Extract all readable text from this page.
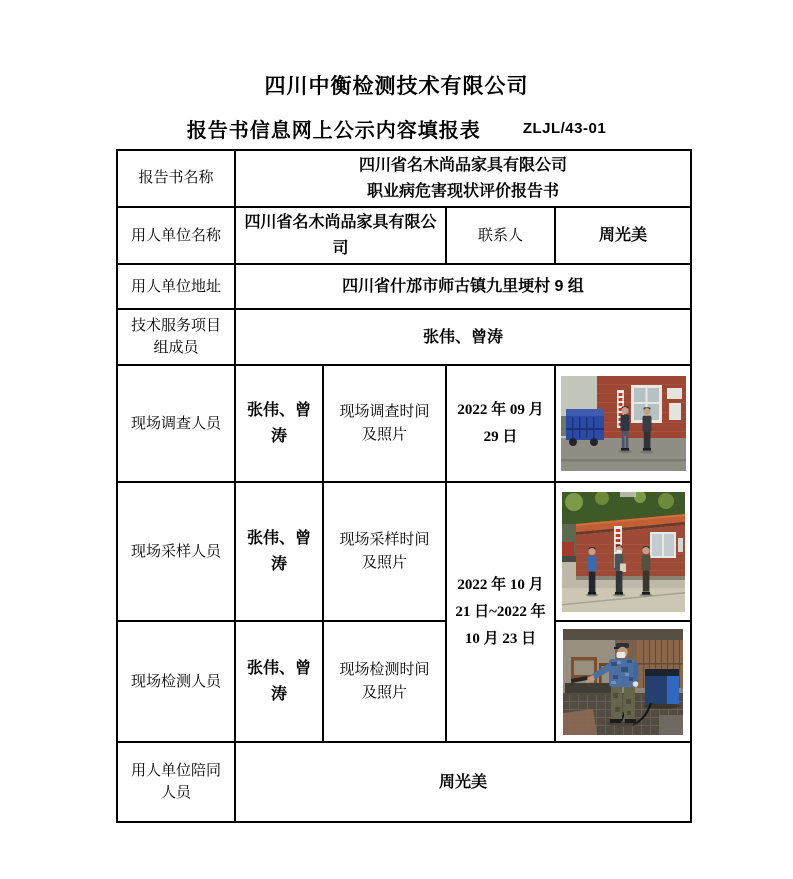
四川中衡检测技术有限公司
报告书信息网上公示内容填报表	ZLJL/43-01
报告书名称	四川省名木尚品家具有限公司
职业病危害现状评价报告书			

用人单位名称	四川省名木尚品家具有限公司		联系人	周光美
用人单位地址	四川省什邡市师古镇九里埂村 9 组			
技术服务项目组成员	张伟、曾涛			
现场调查人员	张伟、曾涛	现场调查时间及照片	2022 年 09 月 29 日	

现场采样人员	张伟、曾涛	现场采样时间及照片	2022 年 10 月 21 日~2022 年 10 月 23 日	

现场检测人员	张伟、曾涛	现场检测时间及照片	

用人单位陪同人员	周光美			
